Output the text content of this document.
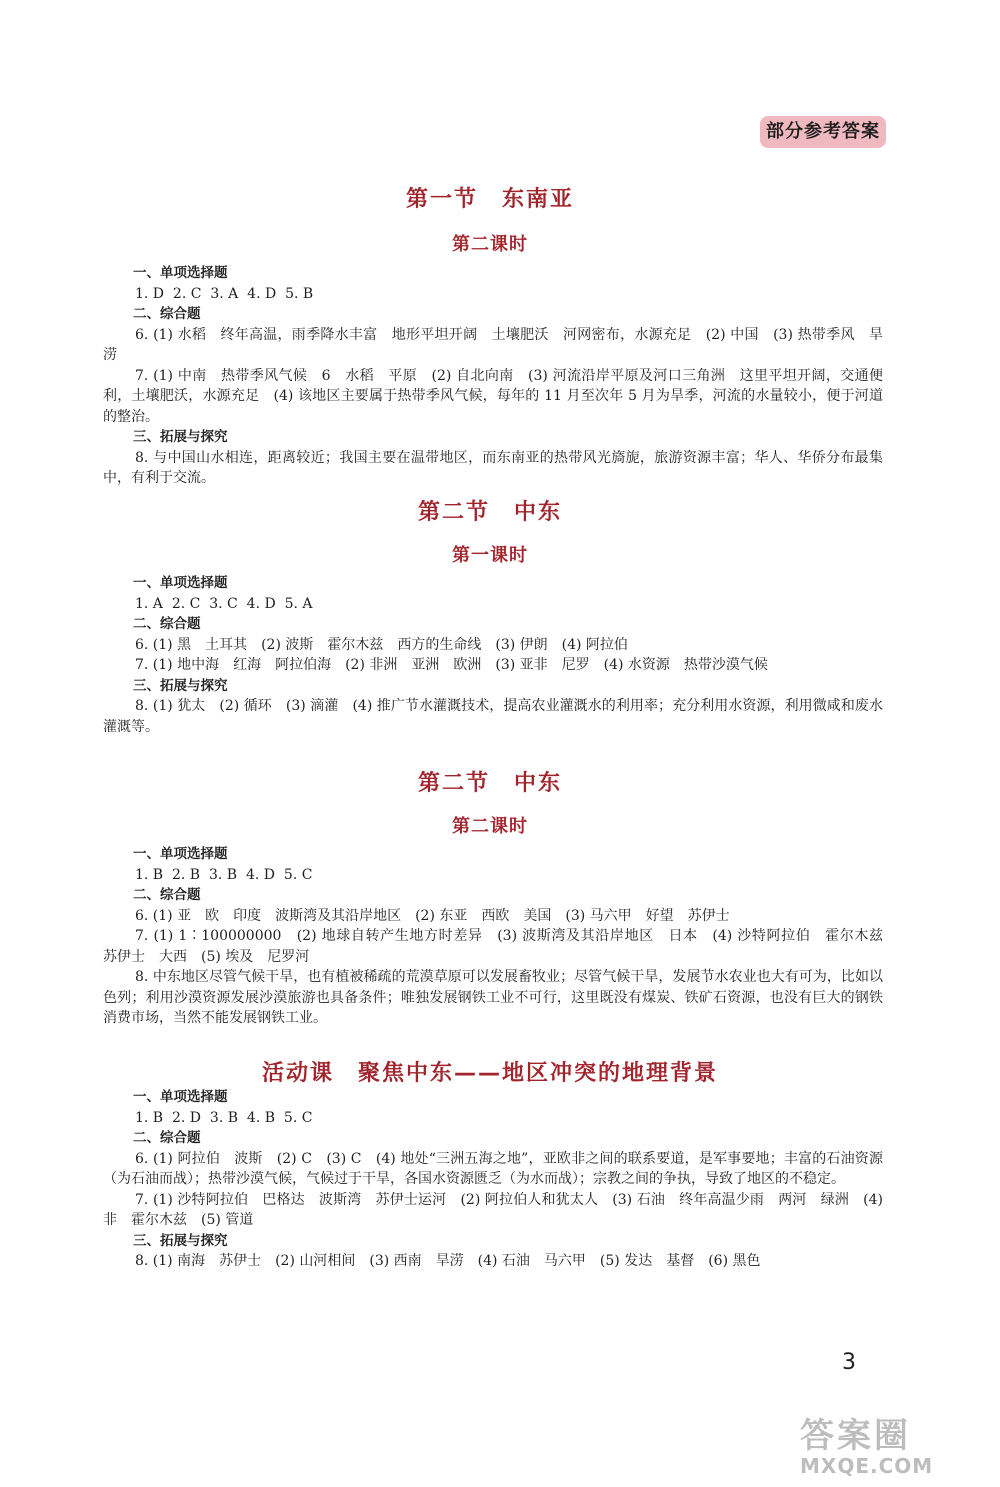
部分参考答案
第一节　东南亚
第二课时
一、单项选择题
1. D  2. C  3. A  4. D  5. B
二、综合题
6. (1) 水稻　终年高温，雨季降水丰富　地形平坦开阔　土壤肥沃　河网密布，水源充足　(2) 中国　(3) 热带季风　旱涝
7. (1) 中南　热带季风气候　6　水稻　平原　(2) 自北向南　(3) 河流沿岸平原及河口三角洲　这里平坦开阔，交通便利，土壤肥沃，水源充足　(4) 该地区主要属于热带季风气候，每年的 11 月至次年 5 月为旱季，河流的水量较小，便于河道的整治。
三、拓展与探究
8. 与中国山水相连，距离较近；我国主要在温带地区，而东南亚的热带风光旖旎，旅游资源丰富；华人、华侨分布最集中，有利于交流。
第二节　中东
第一课时
一、单项选择题
1. A  2. C  3. C  4. D  5. A
二、综合题
6. (1) 黑　土耳其　(2) 波斯　霍尔木兹　西方的生命线　(3) 伊朗　(4) 阿拉伯
7. (1) 地中海　红海　阿拉伯海　(2) 非洲　亚洲　欧洲　(3) 亚非　尼罗　(4) 水资源　热带沙漠气候
三、拓展与探究
8. (1) 犹太　(2) 循环　(3) 滴灌　(4) 推广节水灌溉技术，提高农业灌溉水的利用率；充分利用水资源，利用微咸和废水灌溉等。
第二节　中东
第二课时
一、单项选择题
1. B  2. B  3. B  4. D  5. C
二、综合题
6. (1) 亚　欧　印度　波斯湾及其沿岸地区　(2) 东亚　西欧　美国　(3) 马六甲　好望　苏伊士
7. (1) 1∶100000000　(2) 地球自转产生地方时差异　(3) 波斯湾及其沿岸地区　日本　(4) 沙特阿拉伯　霍尔木兹　苏伊士　大西　(5) 埃及　尼罗河
8. 中东地区尽管气候干旱，也有植被稀疏的荒漠草原可以发展畜牧业；尽管气候干旱，发展节水农业也大有可为，比如以色列；利用沙漠资源发展沙漠旅游也具备条件；唯独发展钢铁工业不可行，这里既没有煤炭、铁矿石资源，也没有巨大的钢铁消费市场，当然不能发展钢铁工业。
活动课　聚焦中东——地区冲突的地理背景
一、单项选择题
1. B  2. D  3. B  4. B  5. C
二、综合题
6. (1) 阿拉伯　波斯　(2) C　(3) C　(4) 地处“三洲五海之地”，亚欧非之间的联系要道，是军事要地；丰富的石油资源（为石油而战）；热带沙漠气候，气候过于干旱，各国水资源匮乏（为水而战）；宗教之间的争执，导致了地区的不稳定。
7. (1) 沙特阿拉伯　巴格达　波斯湾　苏伊士运河　(2) 阿拉伯人和犹太人　(3) 石油　终年高温少雨　两河　绿洲　(4) 非　霍尔木兹　(5) 管道
三、拓展与探究
8. (1) 南海　苏伊士　(2) 山河相间　(3) 西南　旱涝　(4) 石油　马六甲　(5) 发达　基督　(6) 黑色
3
答案圈
MXQE.COM
